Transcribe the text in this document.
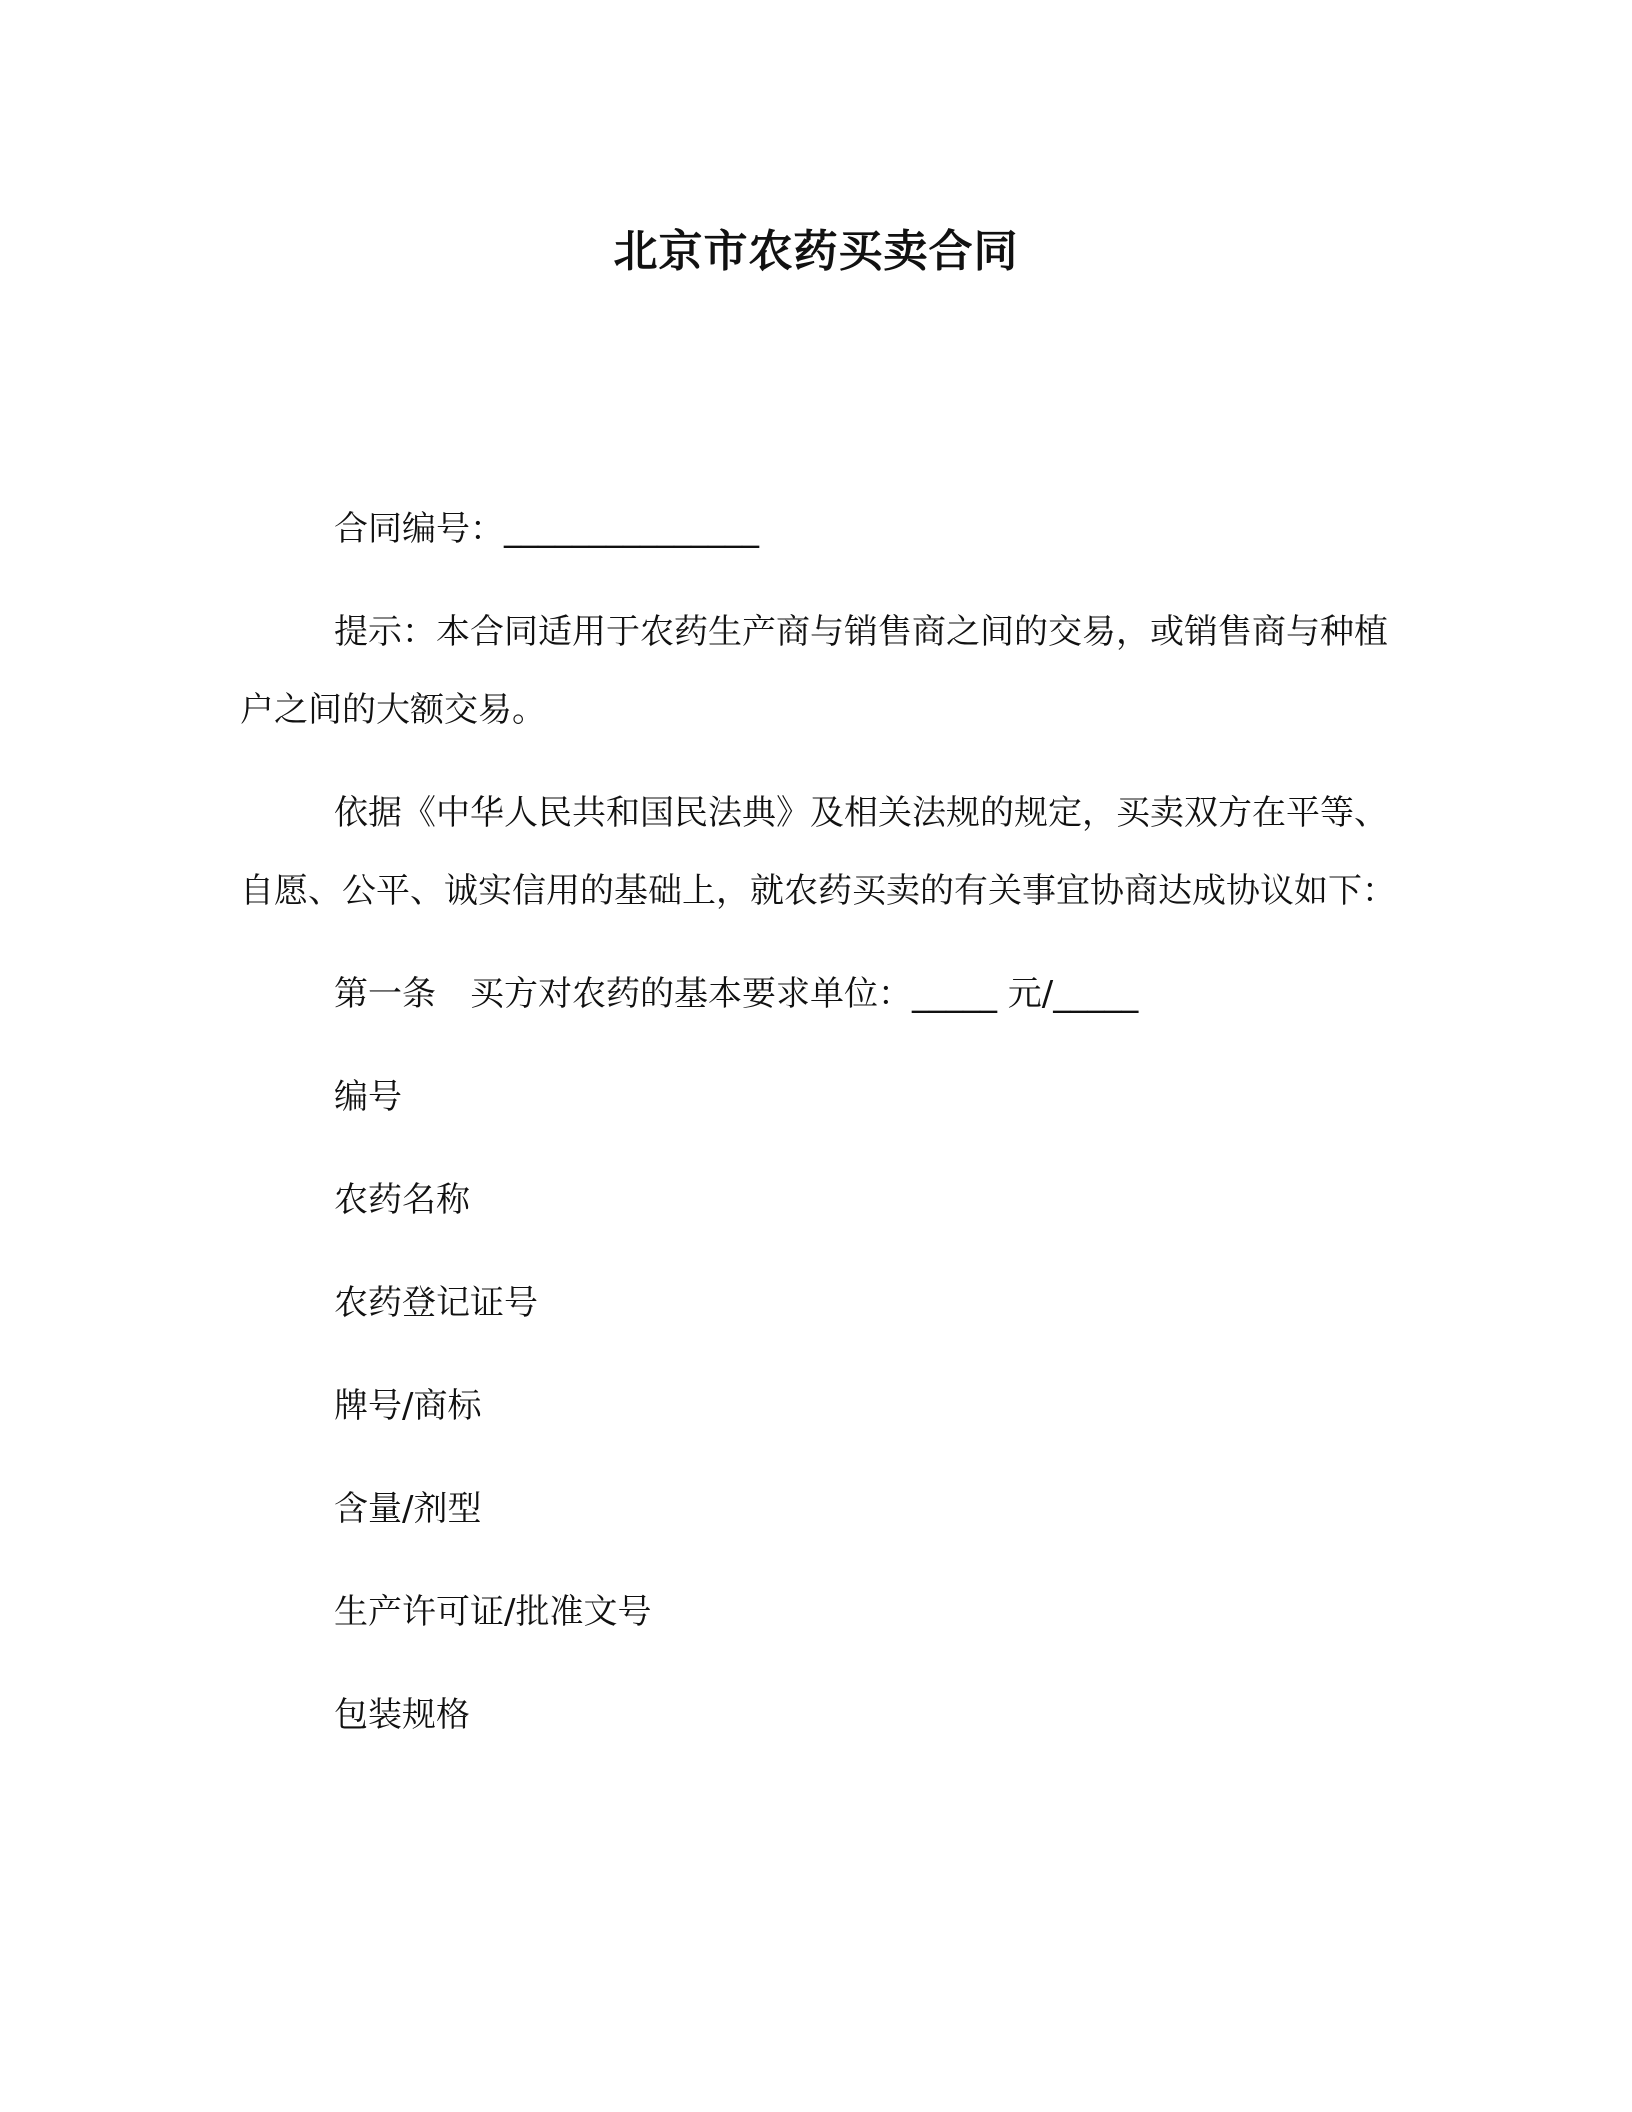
北京市农药买卖合同

合同编号：_______________

提示：本合同适用于农药生产商与销售商之间的交易，或销售商与种植户之间的大额交易。

依据《中华人民共和国民法典》及相关法规的规定，买卖双方在平等、自愿、公平、诚实信用的基础上，就农药买卖的有关事宜协商达成协议如下：

第一条　买方对农药的基本要求单位：_____ 元/_____

编号

农药名称

农药登记证号

牌号/商标

含量/剂型

生产许可证/批准文号

包装规格
